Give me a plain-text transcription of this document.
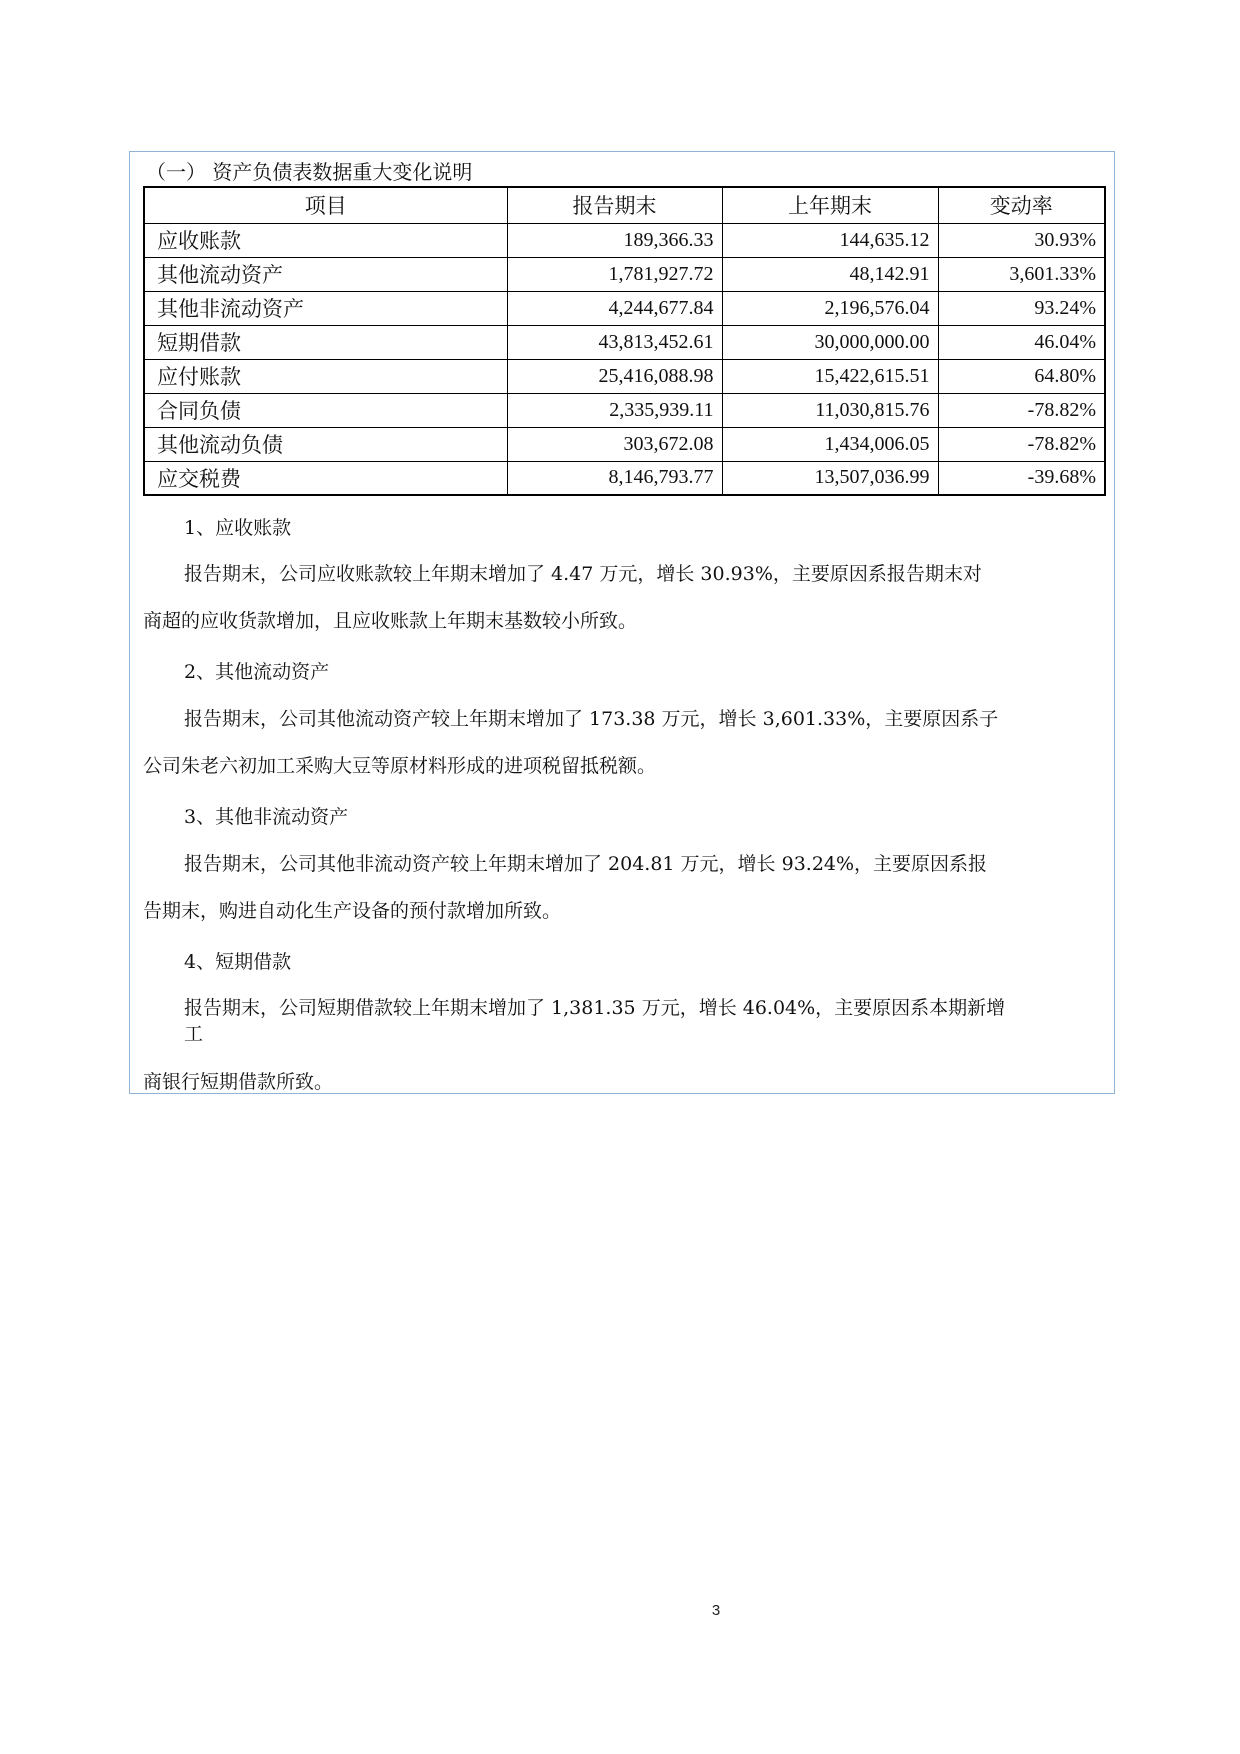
（一） 资产负债表数据重大变化说明
项目	报告期末	上年期末	变动率
应收账款	189,366.33	144,635.12	30.93%
其他流动资产	1,781,927.72	48,142.91	3,601.33%
其他非流动资产	4,244,677.84	2,196,576.04	93.24%
短期借款	43,813,452.61	30,000,000.00	46.04%
应付账款	25,416,088.98	15,422,615.51	64.80%
合同负债	2,335,939.11	11,030,815.76	-78.82%
其他流动负债	303,672.08	1,434,006.05	-78.82%
应交税费	8,146,793.77	13,507,036.99	-39.68%
1、应收账款
报告期末，公司应收账款较上年期末增加了 4.47 万元，增长 30.93%，主要原因系报告期末对
商超的应收货款增加，且应收账款上年期末基数较小所致。
2、其他流动资产
报告期末，公司其他流动资产较上年期末增加了 173.38 万元，增长 3,601.33%，主要原因系子
公司朱老六初加工采购大豆等原材料形成的进项税留抵税额。
3、其他非流动资产
报告期末，公司其他非流动资产较上年期末增加了 204.81 万元，增长 93.24%，主要原因系报
告期末，购进自动化生产设备的预付款增加所致。
4、短期借款
报告期末，公司短期借款较上年期末增加了 1,381.35 万元，增长 46.04%，主要原因系本期新增
工
商银行短期借款所致。
3
